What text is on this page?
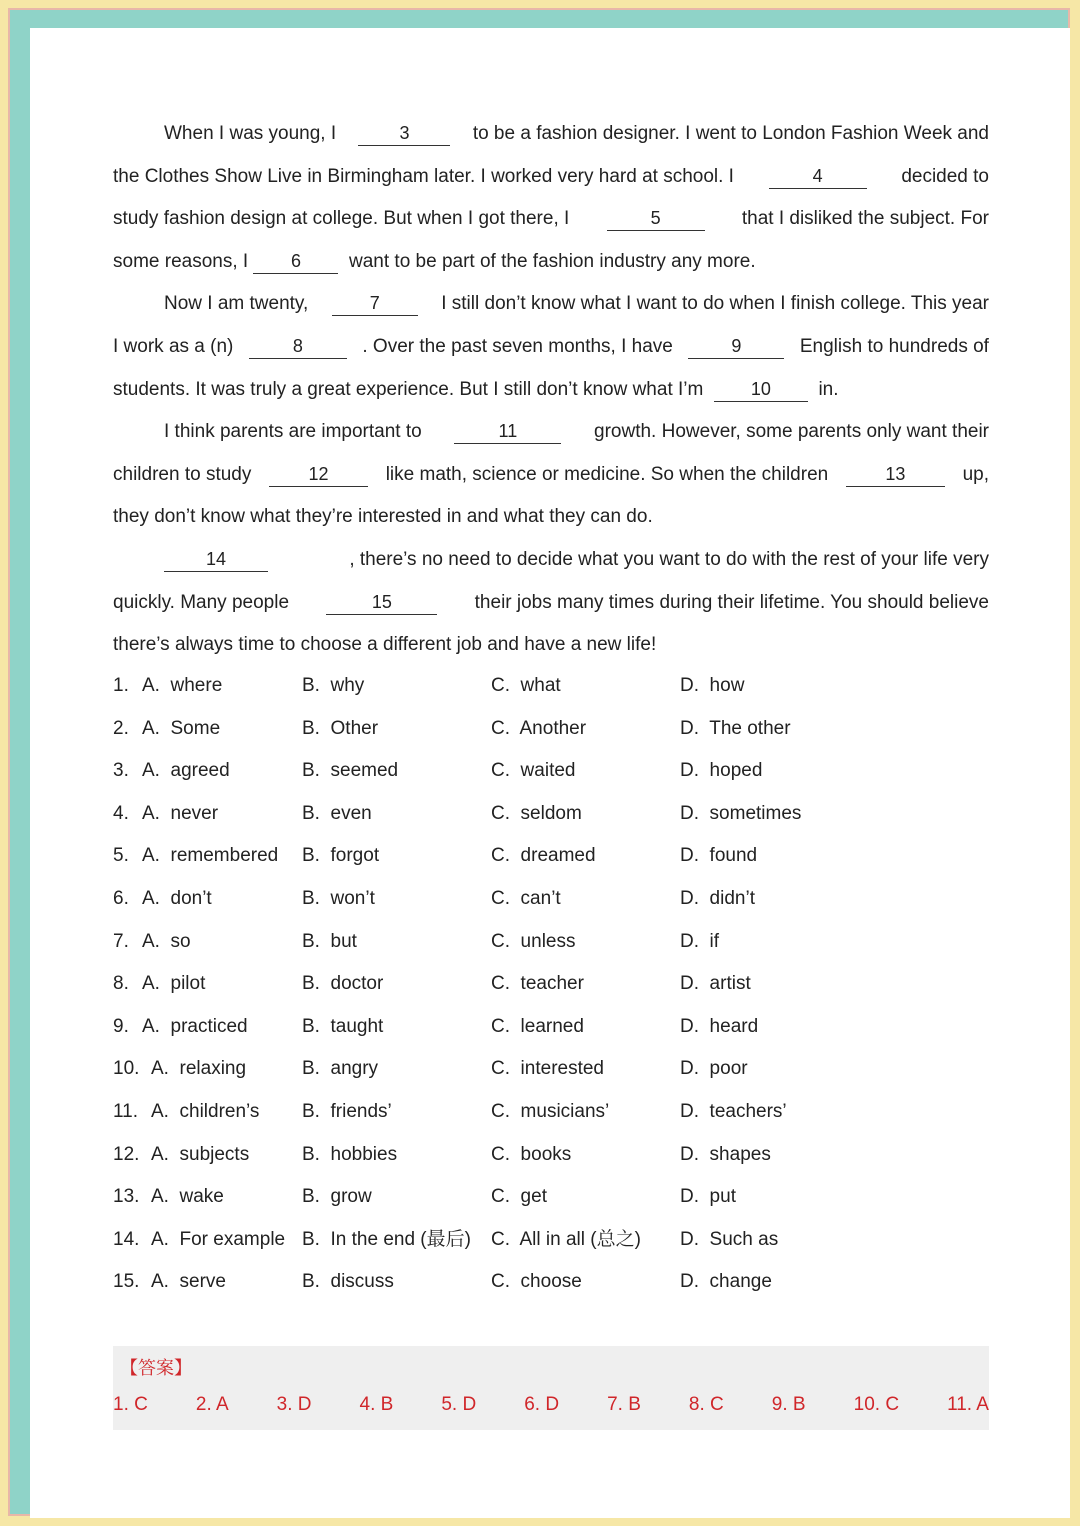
When I was young, I	3	to be a fashion designer. I went to London Fashion Week and
the Clothes Show Live in Birmingham later. I worked very hard at school. I	4	decided to
study fashion design at college. But when I got there, I	5	that I disliked the subject. For
some reasons, I	6	want to be part of the fashion industry any more.
Now I am twenty,	7	I still don’t know what I want to do when I finish college. This year
I work as a (n)	8	. Over the past seven months, I have	9	English to hundreds of
students. It was truly a great experience. But I still don’t know what I’m	10	in.
I think parents are important to	11	growth. However, some parents only want their
children to study	12	like math, science or medicine. So when the children	13	up,
they don’t know what they’re interested in and what they can do.
14	, there’s no need to decide what you want to do with the rest of your life very
quickly. Many people	15	their jobs many times during their lifetime. You should believe
there’s always time to choose a different job and have a new life!
1. A.  where	B.  why	C.  what	D.  how
2. A.  Some	B.  Other	C.  Another	D.  The other
3. A.  agreed	B.  seemed	C.  waited	D.  hoped
4. A.  never	B.  even	C.  seldom	D.  sometimes
5. A.  remembered B.  forgot	C.  dreamed	D.  found
6. A.  don’t	B.  won’t	C.  can’t	D.  didn’t
7. A.  so	B.  but	C.  unless	D.  if
8. A.  pilot	B.  doctor	C.  teacher	D.  artist
9. A.  practiced	B.  taught	C.  learned	D.  heard
10. A.  relaxing	B.  angry	C.  interested	D.  poor
11. A.  children’s B.  friends’	C.  musicians’	D.  teachers’
12. A.  subjects	B.  hobbies	C.  books	D.  shapes
13. A.  wake	B.  grow	C.  get	D.  put
14. A.  For example B.  In the end (最后) C.  All in all (总之) D.  Such as
15. A.  serve	B.  discuss	C.  choose	D.  change
【答案】
1. C	2. A	3. D	4. B	5. D	6. D	7. B	8. C	9. B	10. C	11. A
